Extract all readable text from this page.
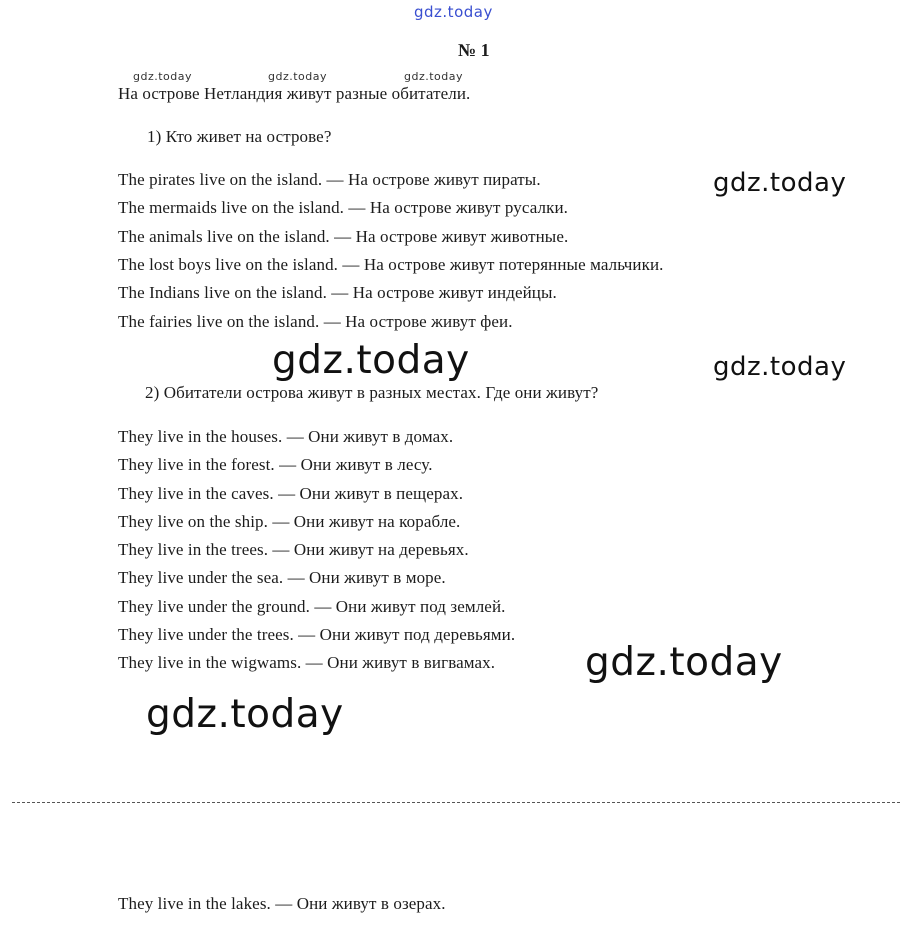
gdz.today
№ 1
gdz.today	gdz.today	gdz.today
На острове Нетландия живут разные обитатели.
1) Кто живет на острове?
The pirates live on the island. — На острове живут пираты.
The mermaids live on the island. — На острове живут русалки.
The animals live on the island. — На острове живут животные.
The lost boys live on the island. — На острове живут потерянные мальчики.
The Indians live on the island. — На острове живут индейцы.
The fairies live on the island. — На острове живут феи.
gdz.today
gdz.today	gdz.today
2) Обитатели острова живут в разных местах. Где они живут?
They live in the houses. — Они живут в домах.
They live in the forest. — Они живут в лесу.
They live in the caves. — Они живут в пещерах.
They live on the ship. — Они живут на корабле.
They live in the trees. — Они живут на деревьях.
They live under the sea. — Они живут в море.
They live under the ground. — Они живут под землей.
They live under the trees. — Они живут под деревьями.
They live in the wigwams. — Они живут в вигвамах. gdz.today
gdz.today
They live in the lakes. — Они живут в озерах.
